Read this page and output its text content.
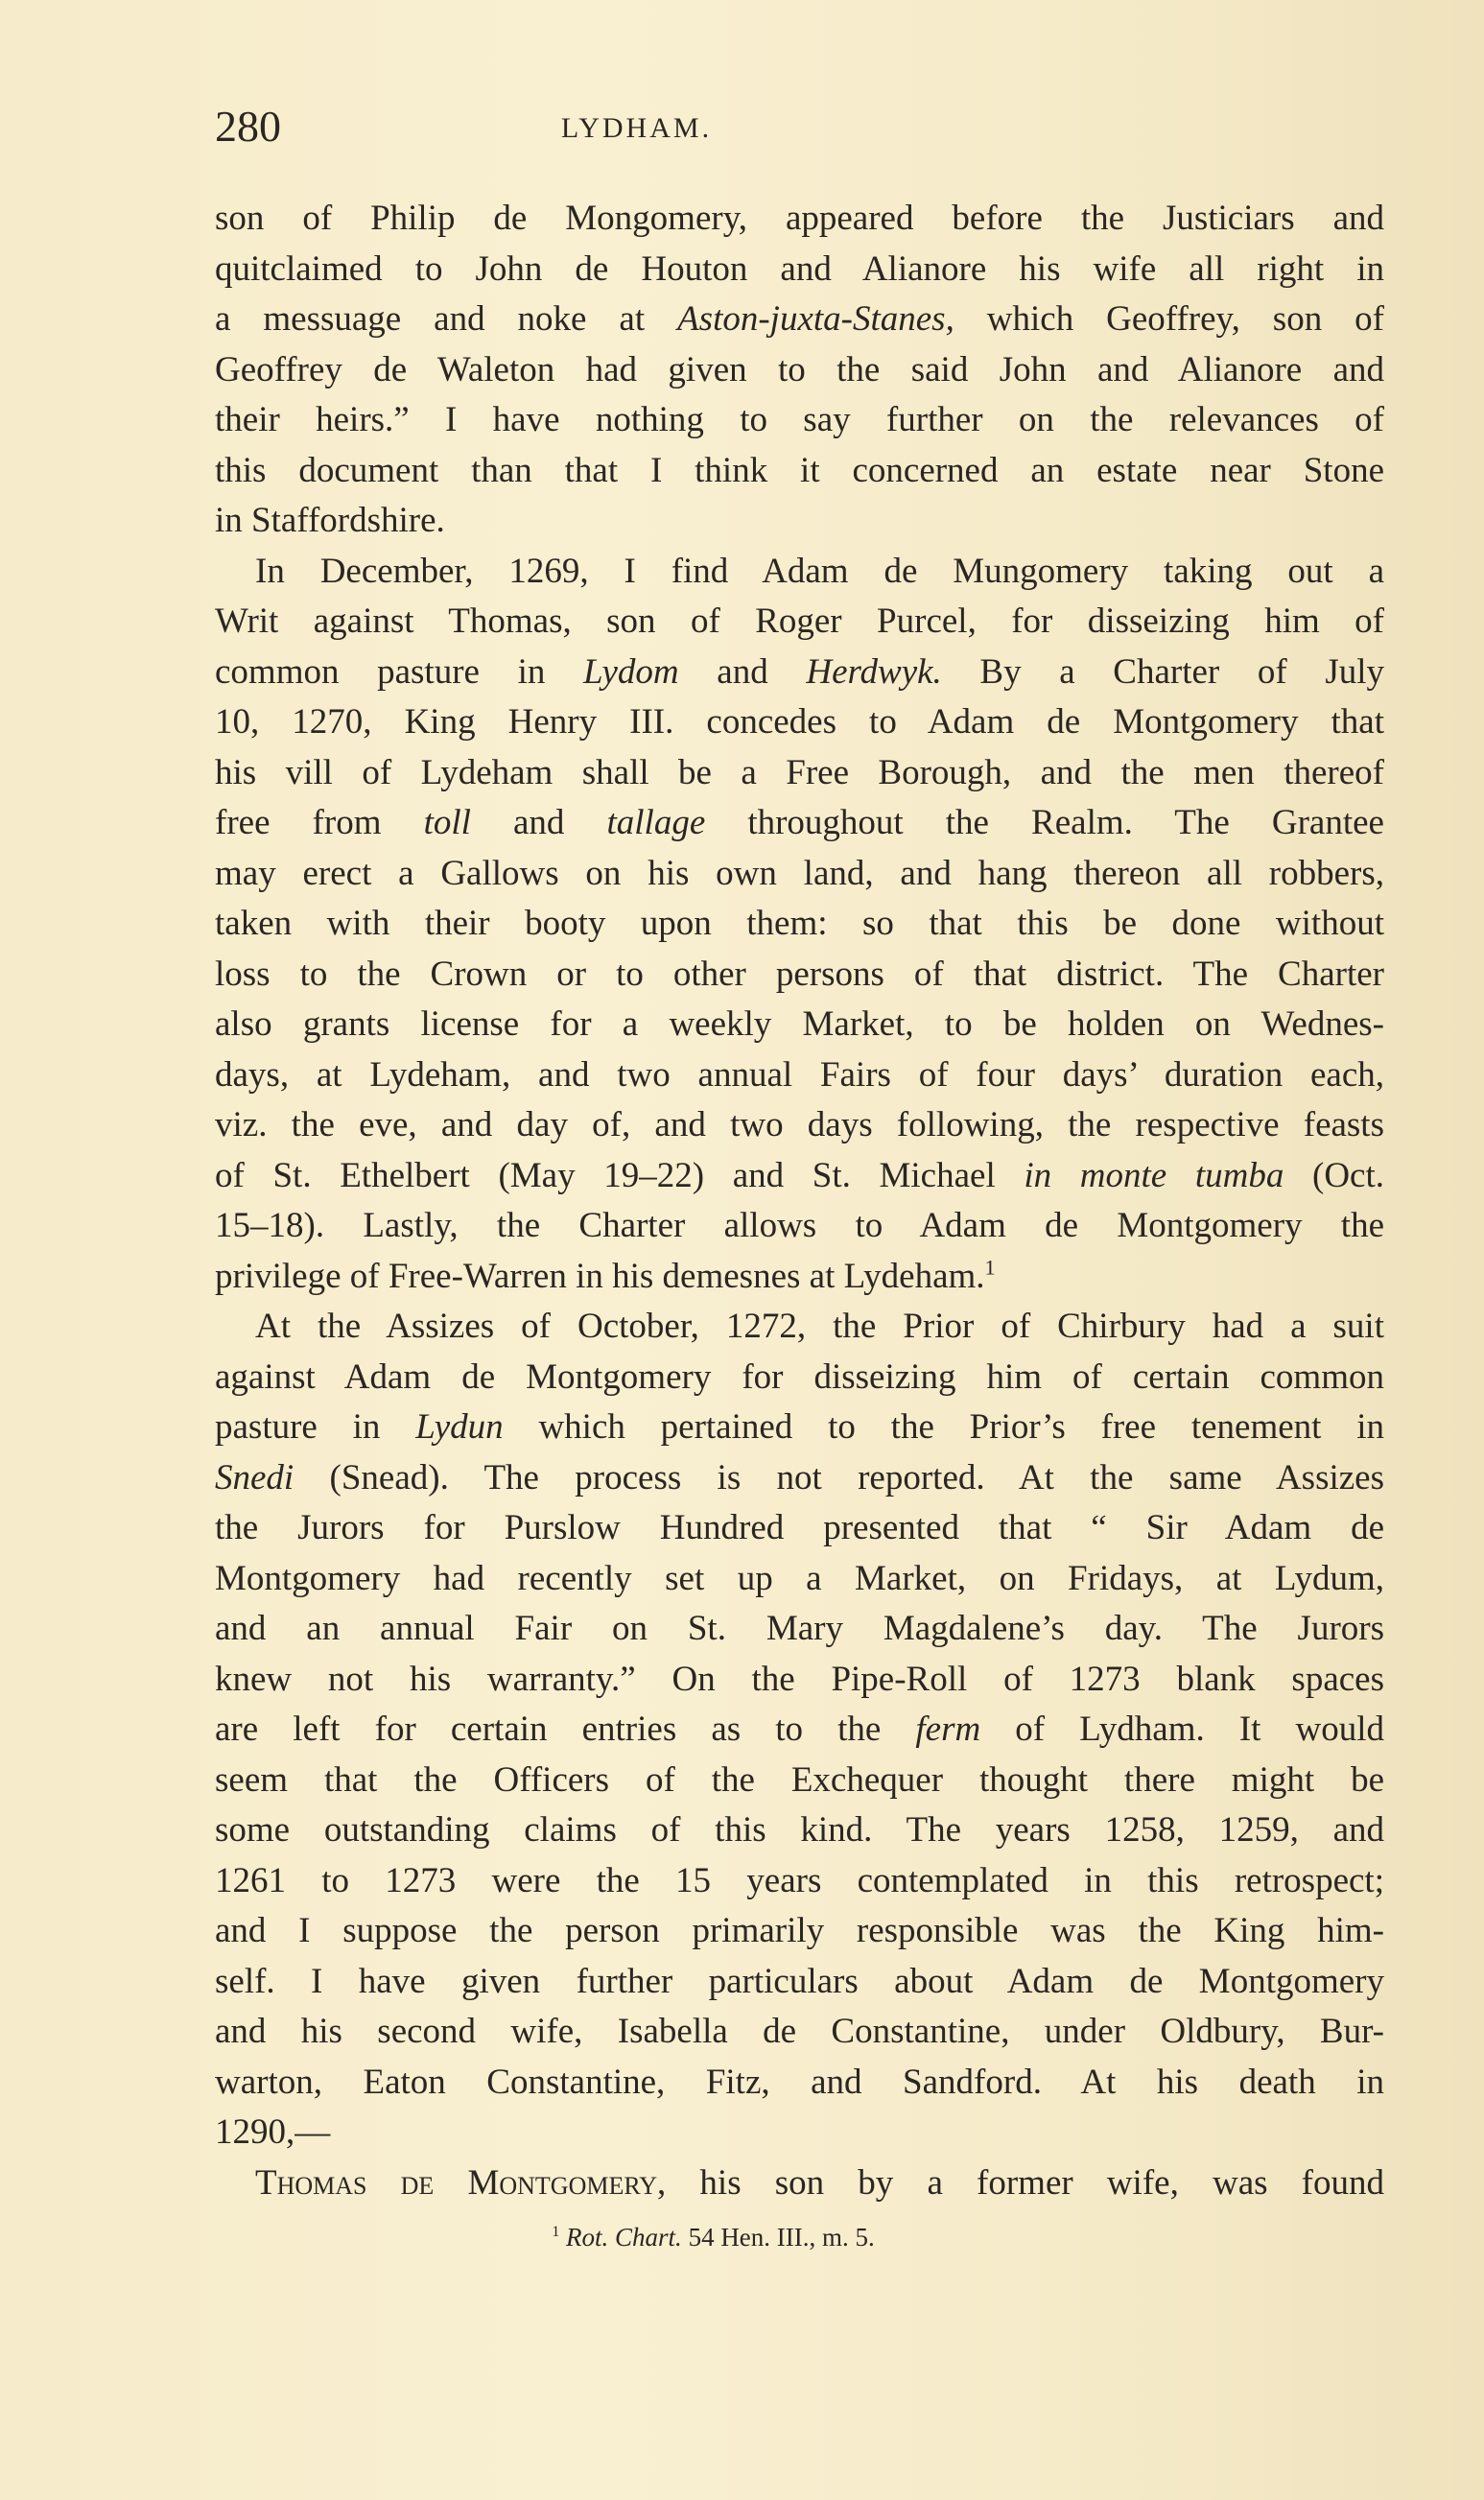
280	LYDHAM.
son of Philip de Mongomery, appeared before the Justiciars and
quitclaimed to John de Houton and Alianore his wife all right in
a messuage and noke at Aston-juxta-Stanes, which Geoffrey, son of
Geoffrey de Waleton had given to the said John and Alianore and
their heirs.” I have nothing to say further on the relevances of
this document than that I think it concerned an estate near Stone
in Staffordshire.
In December, 1269, I find Adam de Mungomery taking out a
Writ against Thomas, son of Roger Purcel, for disseizing him of
common pasture in Lydom and Herdwyk. By a Charter of July
10, 1270, King Henry III. concedes to Adam de Montgomery that
his vill of Lydeham shall be a Free Borough, and the men thereof
free from toll and tallage throughout the Realm. The Grantee
may erect a Gallows on his own land, and hang thereon all robbers,
taken with their booty upon them: so that this be done without
loss to the Crown or to other persons of that district. The Charter
also grants license for a weekly Market, to be holden on Wednes-
days, at Lydeham, and two annual Fairs of four days’ duration each,
viz. the eve, and day of, and two days following, the respective feasts
of St. Ethelbert (May 19–22) and St. Michael in monte tumba (Oct.
15–18). Lastly, the Charter allows to Adam de Montgomery the
privilege of Free-Warren in his demesnes at Lydeham.$^1$
At the Assizes of October, 1272, the Prior of Chirbury had a suit
against Adam de Montgomery for disseizing him of certain common
pasture in Lydun which pertained to the Prior’s free tenement in
Snedi (Snead). The process is not reported. At the same Assizes
the Jurors for Purslow Hundred presented that “ Sir Adam de
Montgomery had recently set up a Market, on Fridays, at Lydum,
and an annual Fair on St. Mary Magdalene’s day. The Jurors
knew not his warranty.” On the Pipe-Roll of 1273 blank spaces
are left for certain entries as to the ferm of Lydham. It would
seem that the Officers of the Exchequer thought there might be
some outstanding claims of this kind. The years 1258, 1259, and
1261 to 1273 were the 15 years contemplated in this retrospect;
and I suppose the person primarily responsible was the King him-
self. I have given further particulars about Adam de Montgomery
and his second wife, Isabella de Constantine, under Oldbury, Bur-
warton, Eaton Constantine, Fitz, and Sandford. At his death in
1290,—
Thomas de Montgomery, his son by a former wife, was found
$^1$ Rot. Chart. 54 Hen. III., m. 5.
